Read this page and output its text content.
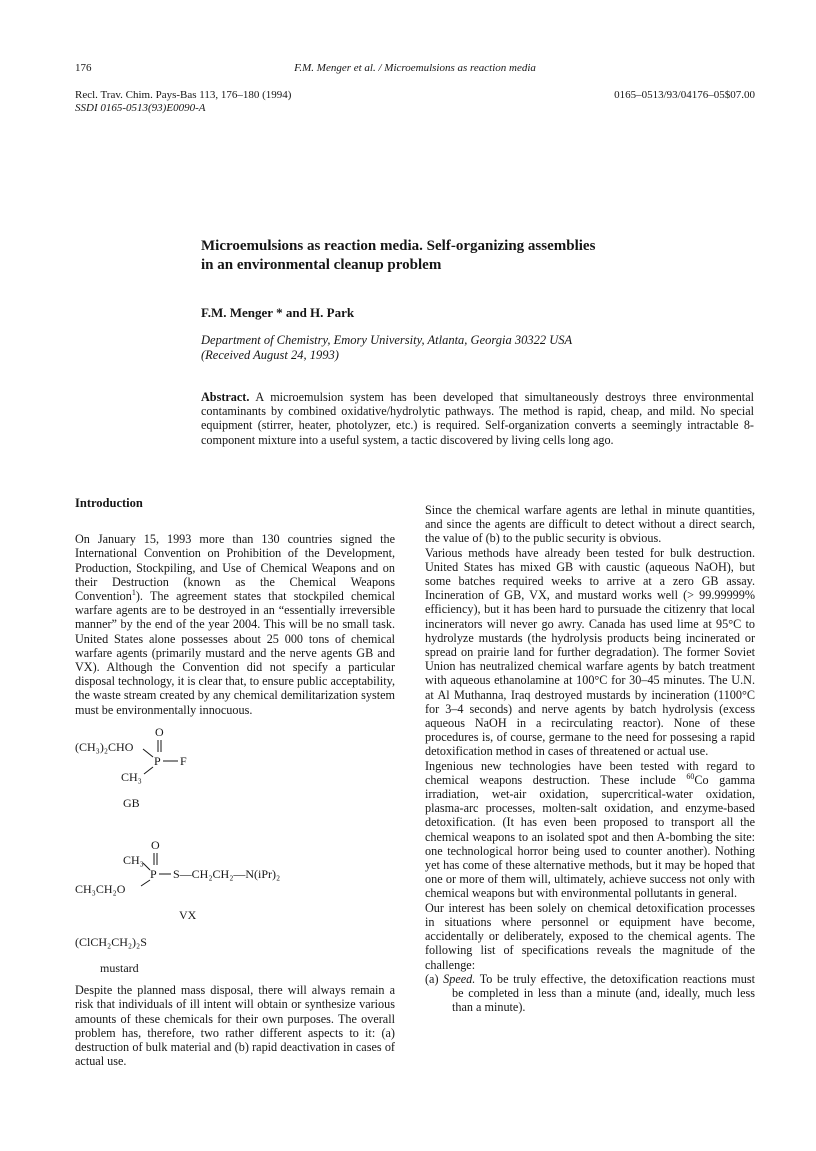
176	F.M. Menger et al. / Microemulsions as reaction media
Recl. Trav. Chim. Pays-Bas 113, 176–180 (1994)
SSDI 0165-0513(93)E0090-A
0165–0513/93/04176–05$07.00
Microemulsions as reaction media. Self-organizing assemblies
in an environmental cleanup problem
F.M. Menger * and H. Park
Department of Chemistry, Emory University, Atlanta, Georgia 30322 USA
(Received August 24, 1993)
Abstract. A microemulsion system has been developed that simultaneously destroys three environmental contaminants by combined oxidative/hydrolytic pathways. The method is rapid, cheap, and mild. No special equipment (stirrer, heater, photolyzer, etc.) is required. Self-organization converts a seemingly intractable 8-component mixture into a useful system, a tactic discovered by living cells long ago.
Introduction

On January 15, 1993 more than 130 countries signed the International Convention on Prohibition of the Development, Production, Stockpiling, and Use of Chemical Weapons and on their Destruction (known as the Chemical Weapons Convention$^1$). The agreement states that stockpiled chemical warfare agents are to be destroyed in an “essentially irreversible manner” by the end of the year 2004. This will be no small task. United States alone possesses about 25 000 tons of chemical warfare agents (primarily mustard and the nerve agents GB and VX). Although the Convention did not specify a particular disposal technology, it is clear that, to ensure public acceptability, the waste stream created by any chemical demilitarization system must be environmentally innocuous.

O
(CH₃)₂CHO
P F
CH₃
GB
O
CH₃
P S—CH₂CH₂—N(iPr)₂
CH₃CH₂O
VX
(ClCH₂CH₂)₂S
mustard

Despite the planned mass disposal, there will always remain a risk that individuals of ill intent will obtain or synthesize various amounts of these chemicals for their own purposes. The overall problem has, therefore, two rather different aspects to it: (a) destruction of bulk material and (b) rapid deactivation in cases of actual use.

Since the chemical warfare agents are lethal in minute quantities, and since the agents are difficult to detect without a direct search, the value of (b) to the public security is obvious.

Various methods have already been tested for bulk destruction. United States has mixed GB with caustic (aqueous NaOH), but some batches required weeks to arrive at a zero GB assay. Incineration of GB, VX, and mustard works well (> 99.99999% efficiency), but it has been hard to pursuade the citizenry that local incinerators will never go awry. Canada has used lime at 95°C to hydrolyze mustards (the hydrolysis products being incinerated or spread on prairie land for further degradation). The former Soviet Union has neutralized chemical warfare agents by batch treatment with aqueous ethanolamine at 100°C for 30–45 minutes. The U.N. at Al Muthanna, Iraq destroyed mustards by incineration (1100°C for 3–4 seconds) and nerve agents by batch hydrolysis (excess aqueous NaOH in a recirculating reactor). None of these procedures is, of course, germane to the need for possesing a rapid detoxification method in cases of threatened or actual use.

Ingenious new technologies have been tested with regard to chemical weapons destruction. These include $^{60}$Co gamma irradiation, wet-air oxidation, supercritical-water oxidation, plasma-arc processes, molten-salt oxidation, and enzyme-based detoxification. (It has even been proposed to transport all the chemical weapons to an isolated spot and then A-bombing the site: one technological horror being used to counter another). Nothing yet has come of these alternative methods, but it may be hoped that one or more of them will, ultimately, achieve success not only with chemical weapons but with environmental pollutants in general.

Our interest has been solely on chemical detoxification processes in situations where personnel or equipment have become, accidentally or deliberately, exposed to the chemical agents. The following list of specifications reveals the magnitude of the challenge:

(a) Speed. To be truly effective, the detoxification reactions must be completed in less than a minute (and, ideally, much less than a minute).
